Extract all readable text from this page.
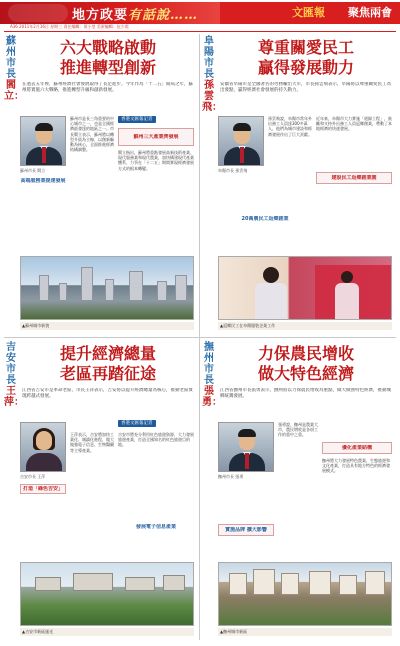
地方政要有話說……	文匯報 聚焦兩會
A36 2011年2月16日 星期三 責任編輯：黃小瑩 美術編輯：伍少霞
蘇州市長
閻立：
六大戰略啟動
推進轉型創新
在過去五年裡，蘇州經濟社會發展取得了長足進步。今年作為「十二五」開局之年，蘇州將實施六大戰略，推進轉型升級和創新發展。
蘇州市長 閻立
蘇州市是長三角重要的中心城市之一，也是全國經濟最發達的地區之一。市長閻立表示，蘇州將以轉型升級為主線，以創新驅動為核心，全面推進經濟結構調整。
香港文匯報記者
蘇州三大產業齊發展
閻立指出，蘇州將重點發展高新技術產業、現代服務業和現代農業，加快構建現代產業體系，力爭在「十二五」期間實現經濟發展方式的根本轉變。
高端服務業提速發展
▲蘇州城市新貌
阜陽市長
孫雲飛：
尊重關愛民工
贏得發展動力
安徽省阜陽市是全國著名的勞務輸出大市，市長孫雲飛表示，阜陽將以尊重關愛民工為出發點，贏得經濟社會發展的持久動力。
阜陽市長 孫雲飛
孫雲飛說，阜陽市常年外出務工人員達300多萬人，他們為城市建設和經濟發展作出了巨大貢獻。
近年來，阜陽市大力實施「迴歸工程」，鼓勵和支持外出務工人員返鄉創業，帶動了本地經濟的快速發展。
建設民工返鄉創業園
20萬農民工返鄉創業
▲返鄉民工在阜陽服裝企業工作
吉安市長
王萍：
提升經濟總量
老區再踏征途
江西省吉安市是革命老區，市長王萍表示，吉安將以提升經濟總量為核心，推動老區實現跨越式發展。
吉安市長 王萍
香港文匯報記者
王萍表示，吉安將加快工業化、城鎮化進程，做大做強電子信息、生物醫藥等主導產業。
吉安市將充分利用紅色旅遊資源，大力發展旅遊產業，打造全國知名的紅色旅遊目的地。
打造「綠色吉安」
發展電子信息產業
▲吉安市新區風光
撫州市長
張勇：
力保農民增收
做大特色經濟
江西省撫州市長張勇表示，撫州將以力保農民增收為重點，做大做強特色經濟，推動城鄉統籌發展。
撫州市長 張勇
張勇說，撫州是農業大市，農民增收是各項工作的重中之重。
優化產業結構
撫州將大力發展特色農業、生態旅遊和文化產業，打造具有地方特色的經濟發展模式。
實施品牌 擴大影響
▲撫州城市新區
